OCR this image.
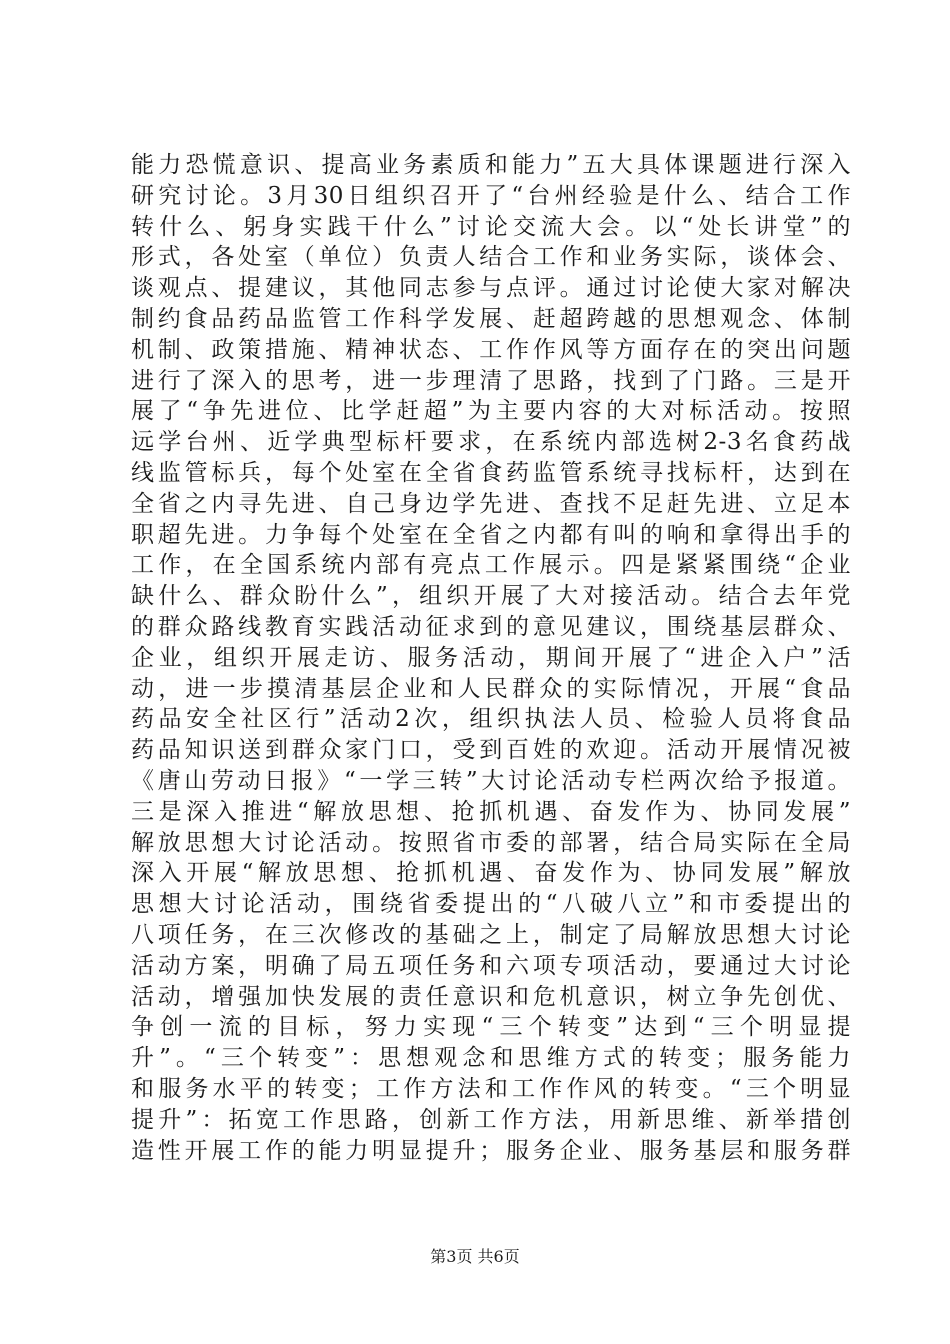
能力恐慌意识、提高业务素质和能力”五大具体课题进行深入
研究讨论。3月30日组织召开了“台州经验是什么、结合工作
转什么、躬身实践干什么”讨论交流大会。以“处长讲堂”的
形式，各处室（单位）负责人结合工作和业务实际，谈体会、
谈观点、提建议，其他同志参与点评。通过讨论使大家对解决
制约食品药品监管工作科学发展、赶超跨越的思想观念、体制
机制、政策措施、精神状态、工作作风等方面存在的突出问题
进行了深入的思考，进一步理清了思路，找到了门路。三是开
展了“争先进位、比学赶超”为主要内容的大对标活动。按照
远学台州、近学典型标杆要求，在系统内部选树2-3名食药战
线监管标兵，每个处室在全省食药监管系统寻找标杆，达到在
全省之内寻先进、自己身边学先进、查找不足赶先进、立足本
职超先进。力争每个处室在全省之内都有叫的响和拿得出手的
工作，在全国系统内部有亮点工作展示。四是紧紧围绕“企业
缺什么、群众盼什么”，组织开展了大对接活动。结合去年党
的群众路线教育实践活动征求到的意见建议，围绕基层群众、
企业，组织开展走访、服务活动，期间开展了“进企入户”活
动，进一步摸清基层企业和人民群众的实际情况，开展“食品
药品安全社区行”活动2次，组织执法人员、检验人员将食品
药品知识送到群众家门口，受到百姓的欢迎。活动开展情况被
《唐山劳动日报》“一学三转”大讨论活动专栏两次给予报道。
三是深入推进“解放思想、抢抓机遇、奋发作为、协同发展”
解放思想大讨论活动。按照省市委的部署，结合局实际在全局
深入开展“解放思想、抢抓机遇、奋发作为、协同发展”解放
思想大讨论活动，围绕省委提出的“八破八立”和市委提出的
八项任务，在三次修改的基础之上，制定了局解放思想大讨论
活动方案，明确了局五项任务和六项专项活动，要通过大讨论
活动，增强加快发展的责任意识和危机意识，树立争先创优、
争创一流的目标，努力实现“三个转变”达到“三个明显提
升”。“三个转变”：思想观念和思维方式的转变；服务能力
和服务水平的转变；工作方法和工作作风的转变。“三个明显
提升”：拓宽工作思路，创新工作方法，用新思维、新举措创
造性开展工作的能力明显提升；服务企业、服务基层和服务群
第3页 共6页
